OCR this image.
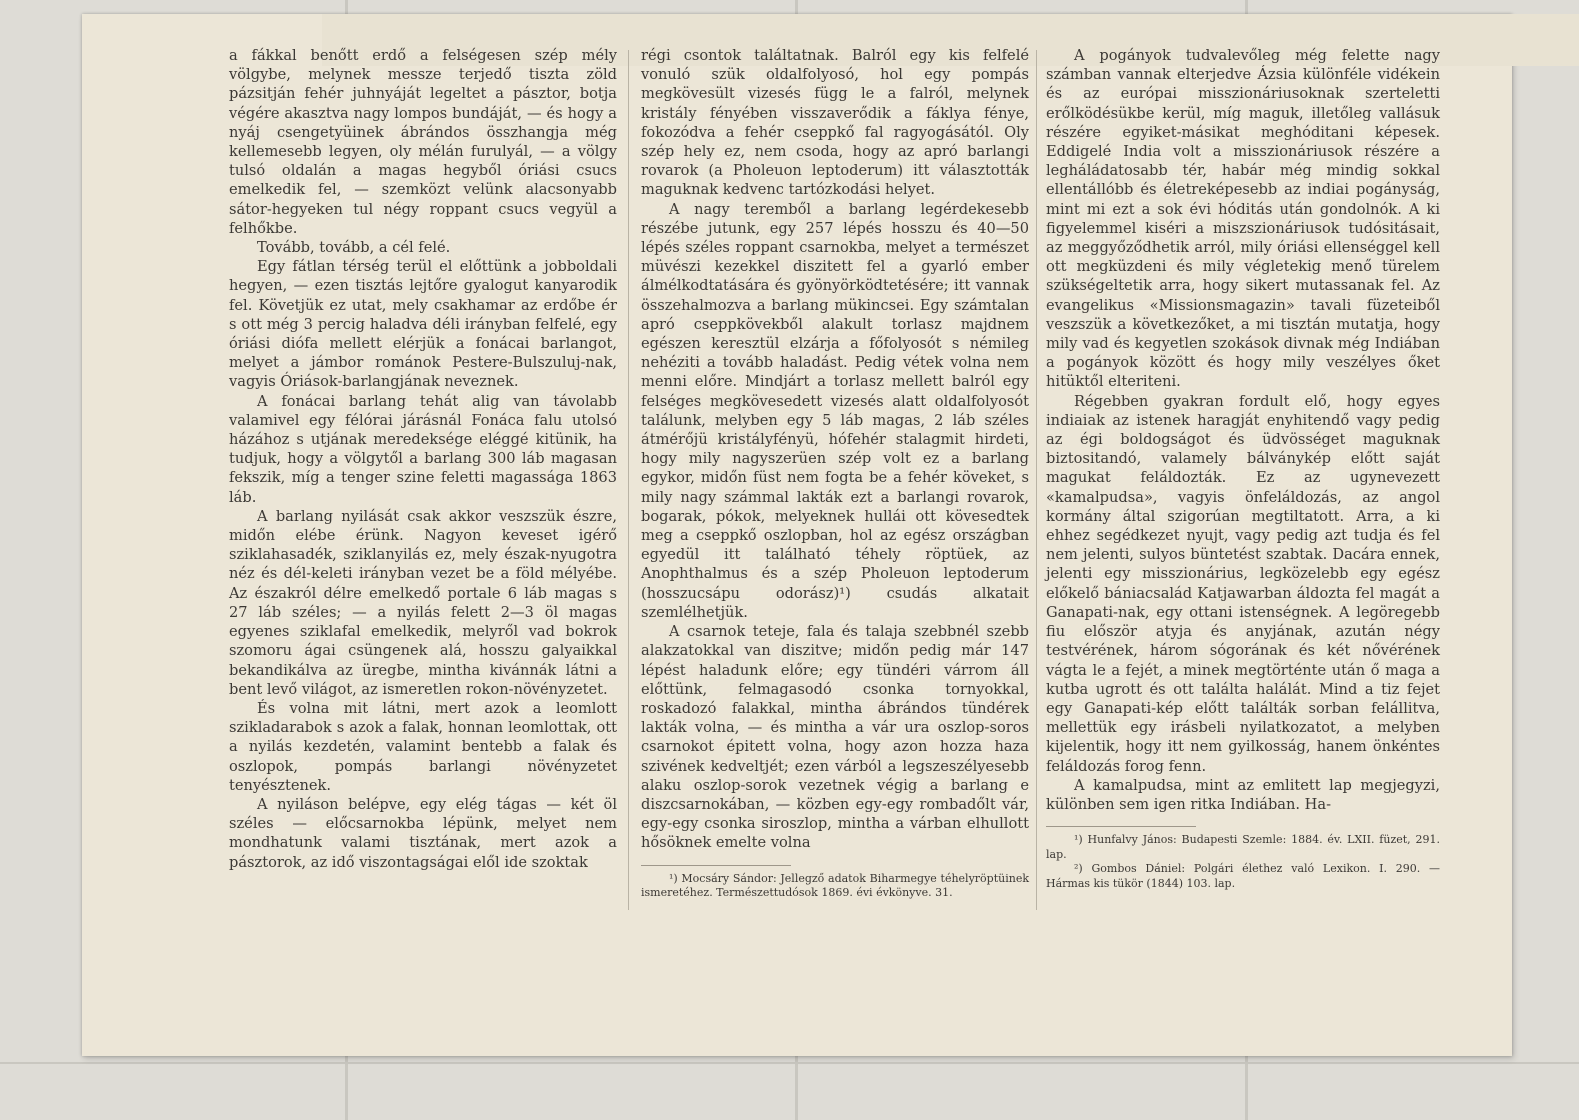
a fákkal benőtt erdő a felségesen szép mély völgybe, melynek messze terjedő tiszta zöld pázsitján fehér juhnyáját legeltet a pásztor, botja végére akasztva nagy lompos bundáját, — és hogy a nyáj csengetyüinek ábrándos összhangja még kellemesebb legyen, oly mélán furulyál, — a völgy tulsó oldalán a magas hegyből óriási csucs emelkedik fel, — szemközt velünk alacsonyabb sátor-hegyeken tul négy roppant csucs vegyül a felhőkbe.

Tovább, tovább, a cél felé.

Egy fátlan térség terül el előttünk a jobboldali hegyen, — ezen tisztás lejtőre gyalogut kanyarodik fel. Követjük ez utat, mely csakhamar az erdőbe ér s ott még 3 percig haladva déli irányban felfelé, egy óriási diófa mellett elérjük a fonácai barlangot, melyet a jámbor románok Pestere-Bulszuluj-nak, vagyis Óriások-barlangjának neveznek.

A fonácai barlang tehát alig van távolabb valamivel egy félórai járásnál Fonáca falu utolsó házához s utjának meredeksége eléggé kitünik, ha tudjuk, hogy a völgytől a barlang 300 láb magasan fekszik, míg a tenger szine feletti magassága 1863 láb.

A barlang nyilását csak akkor veszszük észre, midőn elébe érünk. Nagyon keveset igérő sziklahasadék, sziklanyilás ez, mely észak-nyugotra néz és dél-keleti irányban vezet be a föld mélyébe. Az északról délre emelkedő portale 6 láb magas s 27 láb széles; — a nyilás felett 2—3 öl magas egyenes sziklafal emelkedik, melyről vad bokrok szomoru ágai csüngenek alá, hosszu galyaikkal bekandikálva az üregbe, mintha kivánnák látni a bent levő világot, az ismeretlen rokon-növényzetet.

És volna mit látni, mert azok a leomlott szikladarabok s azok a falak, honnan leomlottak, ott a nyilás kezdetén, valamint bentebb a falak és oszlopok, pompás barlangi növényzetet tenyésztenek.

A nyiláson belépve, egy elég tágas — két öl széles — előcsarnokba lépünk, melyet nem mondhatunk valami tisztának, mert azok a pásztorok, az idő viszontagságai elől ide szoktak

régi csontok találtatnak. Balról egy kis felfelé vonuló szük oldalfolyosó, hol egy pompás megkövesült vizesés függ le a falról, melynek kristály fényében visszaverődik a fáklya fénye, fokozódva a fehér cseppkő fal ragyogásától. Oly szép hely ez, nem csoda, hogy az apró barlangi rovarok (a Pholeuon leptoderum) itt választották maguknak kedvenc tartózkodási helyet.

A nagy teremből a barlang legérdekesebb részébe jutunk, egy 257 lépés hosszu és 40—50 lépés széles roppant csarnokba, melyet a természet müvészi kezekkel diszitett fel a gyarló ember álmélkodtatására és gyönyörködtetésére; itt vannak összehalmozva a barlang mükincsei. Egy számtalan apró cseppkövekből alakult torlasz majdnem egészen keresztül elzárja a főfolyosót s némileg nehéziti a tovább haladást. Pedig vétek volna nem menni előre. Mindjárt a torlasz mellett balról egy felséges megkövesedett vizesés alatt oldalfolyosót találunk, melyben egy 5 láb magas, 2 láb széles átmérőjü kristályfényü, hófehér stalagmit hirdeti, hogy mily nagyszerüen szép volt ez a barlang egykor, midőn füst nem fogta be a fehér köveket, s mily nagy számmal lakták ezt a barlangi rovarok, bogarak, pókok, melyeknek hullái ott kövesedtek meg a cseppkő oszlopban, hol az egész országban egyedül itt található téhely röptüek, az Anophthalmus és a szép Pholeuon leptoderum (hosszucsápu odorász)¹) csudás alkatait szemlélhetjük.

A csarnok teteje, fala és talaja szebbnél szebb alakzatokkal van diszitve; midőn pedig már 147 lépést haladunk előre; egy tündéri várrom áll előttünk, felmagasodó csonka tornyokkal, roskadozó falakkal, mintha ábrándos tündérek lakták volna, — és mintha a vár ura oszlop-soros csarnokot épitett volna, hogy azon hozza haza szivének kedveltjét; ezen várból a legszeszélyesebb alaku oszlop-sorok vezetnek végig a barlang e diszcsarnokában, — közben egy-egy rombadőlt vár, egy-egy csonka siroszlop, mintha a várban elhullott hősöknek emelte volna

¹) Mocsáry Sándor: Jellegző adatok Biharmegye téhelyröptüinek ismeretéhez. Természettudósok 1869. évi évkönyve. 31.

A pogányok tudvalevőleg még felette nagy számban vannak elterjedve Ázsia különféle vidékein és az európai misszionáriusoknak szerteletti erőlködésükbe kerül, míg maguk, illetőleg vallásuk részére egyiket-másikat meghóditani képesek. Eddigelé India volt a misszionáriusok részére a legháládatosabb tér, habár még mindig sokkal ellentállóbb és életreképesebb az indiai pogányság, mint mi ezt a sok évi hóditás után gondolnók. A ki figyelemmel kiséri a miszszionáriusok tudósitásait, az meggyőződhetik arról, mily óriási ellenséggel kell ott megküzdeni és mily végletekig menő türelem szükségeltetik arra, hogy sikert mutassanak fel. Az evangelikus «Missionsmagazin» tavali füzeteiből veszszük a következőket, a mi tisztán mutatja, hogy mily vad és kegyetlen szokások divnak még Indiában a pogányok között és hogy mily veszélyes őket hitüktől elteriteni.

Régebben gyakran fordult elő, hogy egyes indiaiak az istenek haragját enyhitendő vagy pedig az égi boldogságot és üdvösséget maguknak biztositandó, valamely bálványkép előtt saját magukat feláldozták. Ez az ugynevezett «kamalpudsa», vagyis önfeláldozás, az angol kormány által szigorúan megtiltatott. Arra, a ki ehhez segédkezet nyujt, vagy pedig azt tudja és fel nem jelenti, sulyos büntetést szabtak. Dacára ennek, jelenti egy misszionárius, legközelebb egy egész előkelő bániacsalád Katjawarban áldozta fel magát a Ganapati-nak, egy ottani istenségnek. A legöregebb fiu először atyja és anyjának, azután négy testvérének, három sógorának és két nővérének vágta le a fejét, a minek megtörténte után ő maga a kutba ugrott és ott találta halálát. Mind a tiz fejet egy Ganapati-kép előtt találták sorban felállitva, mellettük egy irásbeli nyilatkozatot, a melyben kijelentik, hogy itt nem gyilkosság, hanem önkéntes feláldozás forog fenn.

A kamalpudsa, mint az emlitett lap megjegyzi, különben sem igen ritka Indiában. Ha-

¹) Hunfalvy János: Budapesti Szemle: 1884. év. LXII. füzet, 291. lap.

²) Gombos Dániel: Polgári élethez való Lexikon. I. 290. — Hármas kis tükör (1844) 103. lap.
